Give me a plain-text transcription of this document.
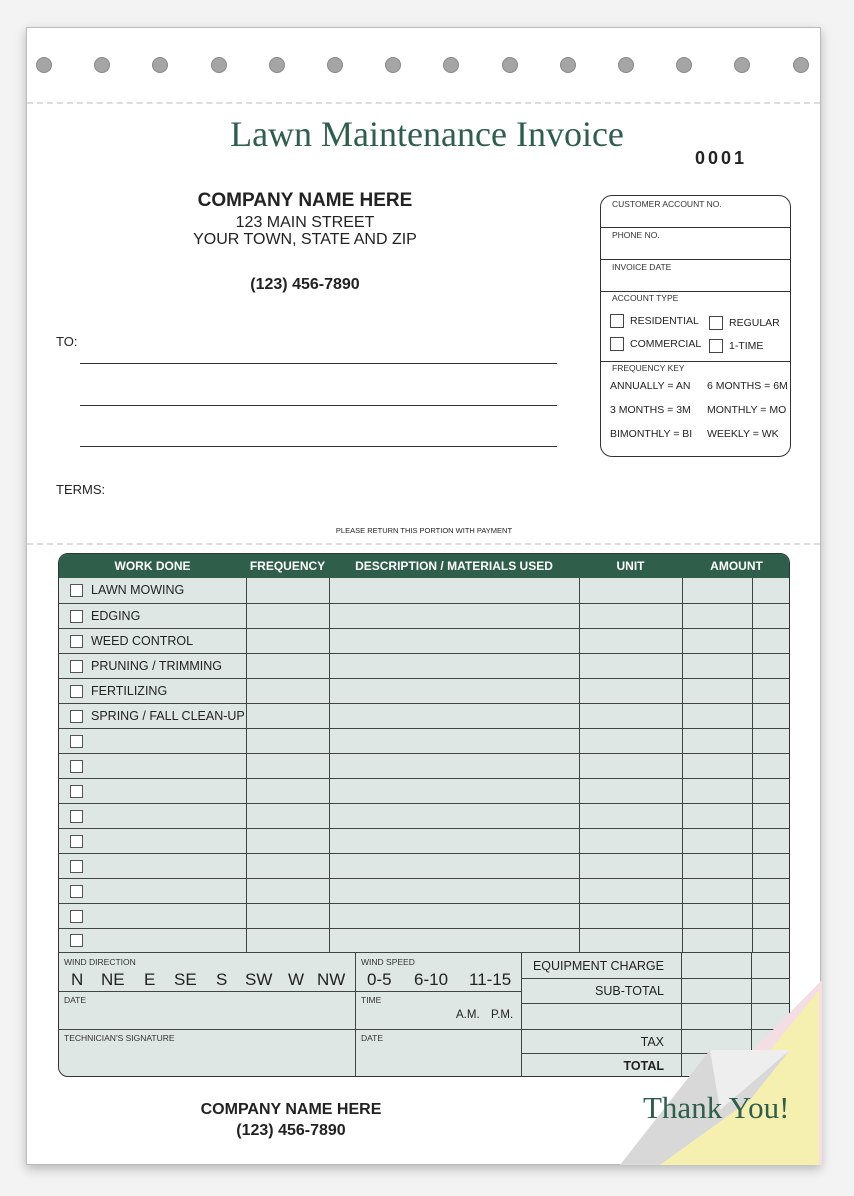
Lawn Maintenance Invoice
0001
COMPANY NAME HERE
123 MAIN STREET
YOUR TOWN, STATE AND ZIP
(123) 456-7890
TO:
TERMS:
PLEASE RETURN THIS PORTION WITH PAYMENT
CUSTOMER ACCOUNT NO.
PHONE NO.
INVOICE DATE
ACCOUNT TYPE
RESIDENTIAL	REGULAR
COMMERCIAL	1-TIME
FREQUENCY KEY
ANNUALLY = AN 6 MONTHS = 6M
3 MONTHS = 3M MONTHLY = MO
BIMONTHLY = BI WEEKLY = WK
WORK DONE	FREQUENCY	DESCRIPTION / MATERIALS USED	UNIT	AMOUNT
LAWN MOWING
EDGING
WEED CONTROL
PRUNING / TRIMMING
FERTILIZING
SPRING / FALL CLEAN-UP
WIND DIRECTION
N NE E SE S SW W NW
WIND SPEED
0-5 6-10 11-15
DATE	TIME
A.M. P.M.
TECHNICIAN'S SIGNATURE	DATE
EQUIPMENT CHARGE
SUB-TOTAL
TAX
TOTAL
COMPANY NAME HERE
(123) 456-7890
Thank You!
